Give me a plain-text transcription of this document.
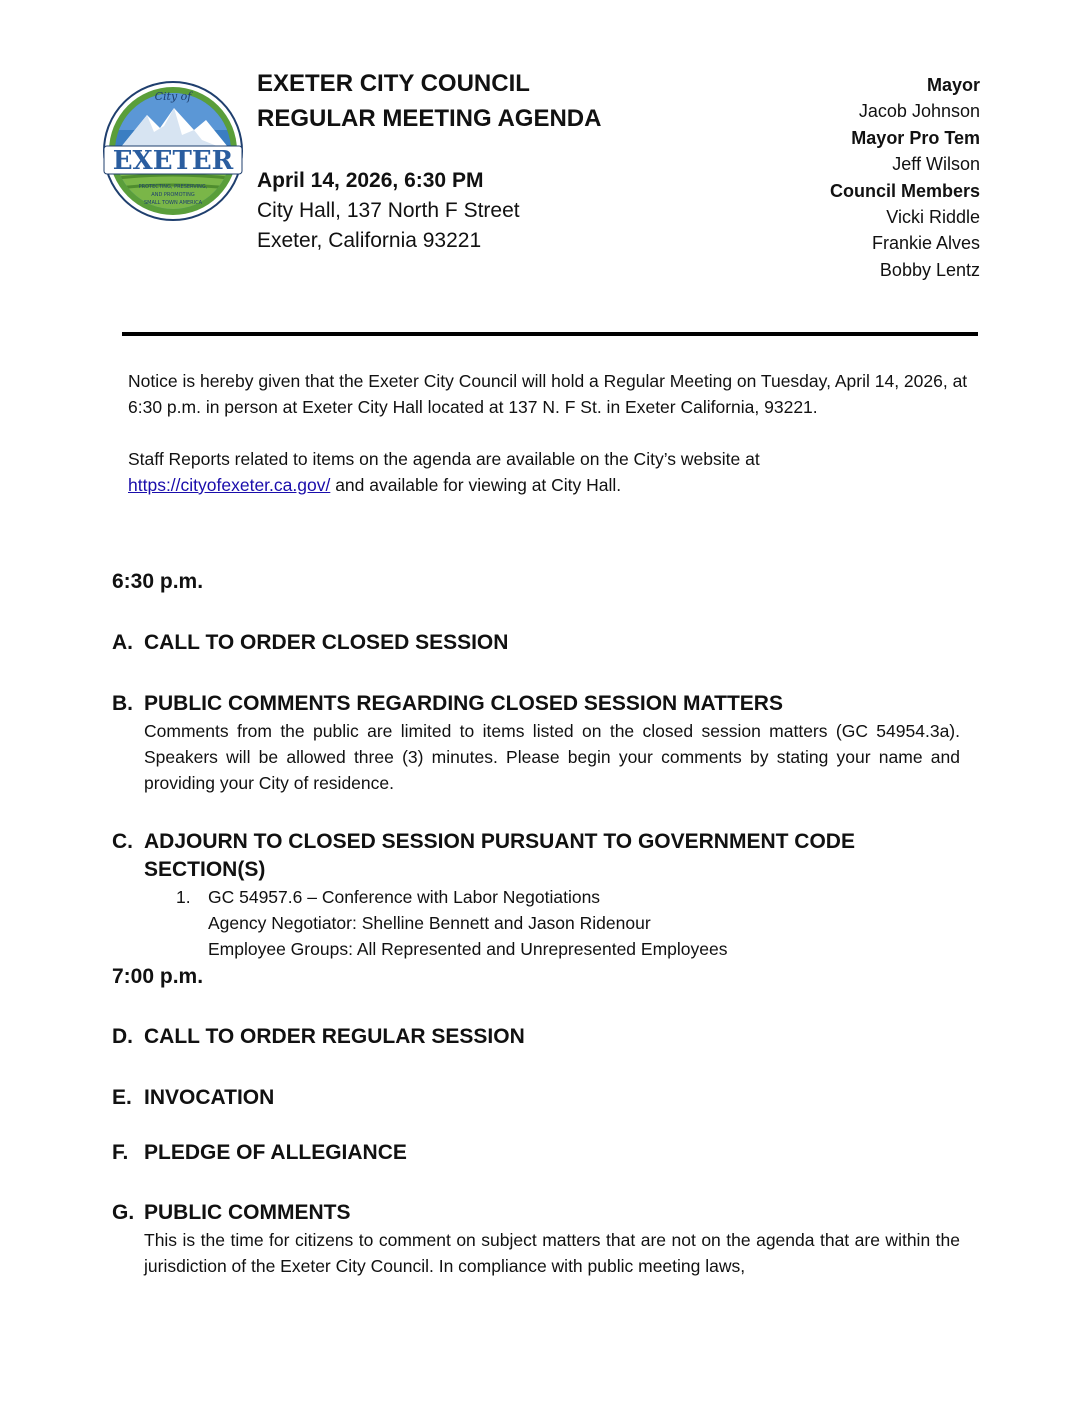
City of
EXETER
PROTECTING, PRESERVING,
AND PROMOTING
SMALL TOWN AMERICA
EXETER CITY COUNCIL
REGULAR MEETING AGENDA
April 14, 2026, 6:30 PM
City Hall, 137 North F Street
Exeter, California 93221
Mayor
Jacob Johnson
Mayor Pro Tem
Jeff Wilson
Council Members
Vicki Riddle
Frankie Alves
Bobby Lentz

Notice is hereby given that the Exeter City Council will hold a Regular Meeting on Tuesday, April 14, 2026, at 6:30 p.m. in person at Exeter City Hall located at 137 N. F St. in Exeter California, 93221.

Staff Reports related to items on the agenda are available on the City’s website at
https://cityofexeter.ca.gov/ and available for viewing at City Hall.

6:30 p.m.
A. CALL TO ORDER CLOSED SESSION
B. PUBLIC COMMENTS REGARDING CLOSED SESSION MATTERS
Comments from the public are limited to items listed on the closed session matters (GC 54954.3a). Speakers will be allowed three (3) minutes. Please begin your comments by stating your name and providing your City of residence.
C. ADJOURN TO CLOSED SESSION PURSUANT TO GOVERNMENT CODE SECTION(S)
1. GC 54957.6 – Conference with Labor Negotiations
Agency Negotiator: Shelline Bennett and Jason Ridenour
Employee Groups: All Represented and Unrepresented Employees
7:00 p.m.
D. CALL TO ORDER REGULAR SESSION
E. INVOCATION
F. PLEDGE OF ALLEGIANCE
G. PUBLIC COMMENTS
This is the time for citizens to comment on subject matters that are not on the agenda that are within the jurisdiction of the Exeter City Council. In compliance with public meeting laws,
